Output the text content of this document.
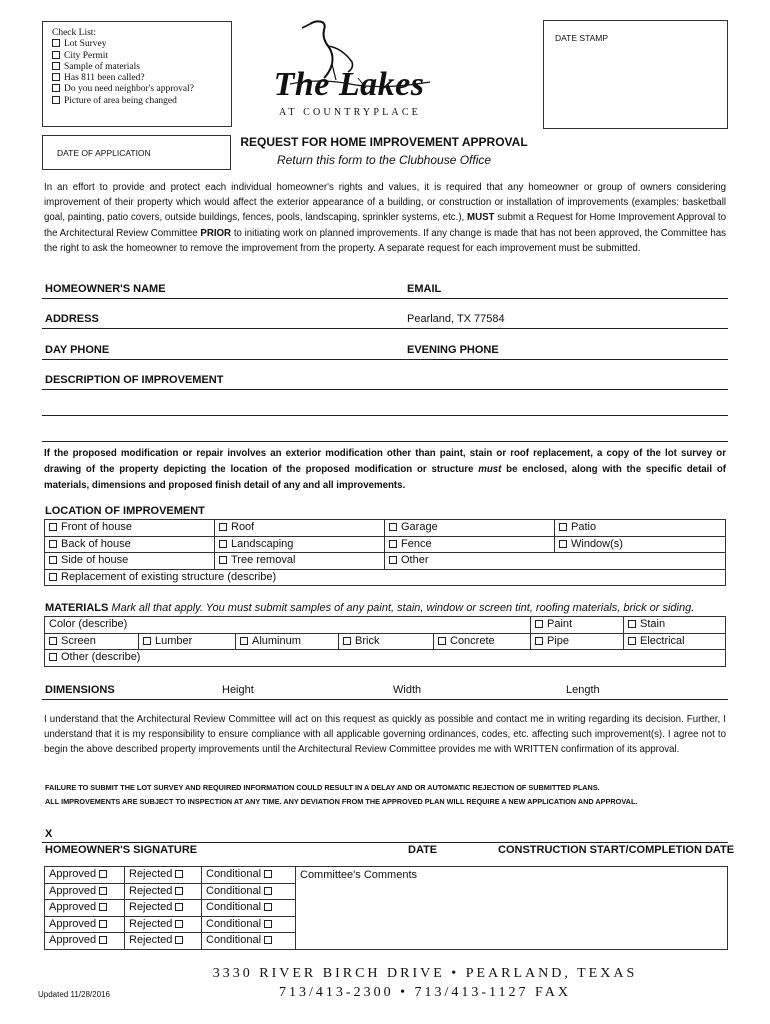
Check List:
Lot Survey
City Permit
Sample of materials
Has 811 been called?
Do you need neighbor's approval?
Picture of area being changed	The Lakes
AT COUNTRYPLACE
DATE STAMP
DATE OF APPLICATION
REQUEST FOR HOME IMPROVEMENT APPROVAL
Return this form to the Clubhouse Office
In an effort to provide and protect each individual homeowner's rights and values, it is required that any homeowner or group of owners considering improvement of their property which would affect the exterior appearance of a building, or construction or installation of improvements (examples: basketball goal, painting, patio covers, outside buildings, fences, pools, landscaping, sprinkler systems, etc.), MUST submit a Request for Home Improvement Approval to the Architectural Review Committee PRIOR to initiating work on planned improvements. If any change is made that has not been approved, the Committee has the right to ask the homeowner to remove the improvement from the property. A separate request for each improvement must be submitted.
HOMEOWNER'S NAME	EMAIL
ADDRESS	Pearland, TX 77584
DAY PHONE	EVENING PHONE
DESCRIPTION OF IMPROVEMENT
If the proposed modification or repair involves an exterior modification other than paint, stain or roof replacement, a copy of the lot survey or drawing of the property depicting the location of the proposed modification or structure must be enclosed, along with the specific detail of materials, dimensions and proposed finish detail of any and all improvements.
LOCATION OF IMPROVEMENT
Front of house	Roof	Garage	Patio
Back of house	Landscaping	Fence	Window(s)
Side of house	Tree removal	Other	
Replacement of existing structure (describe)			
MATERIALS Mark all that apply. You must submit samples of any paint, stain, window or screen tint, roofing materials, brick or siding.
Color (describe)					Paint	Stain
Screen	Lumber	Aluminum	Brick	Concrete	Pipe	Electrical
Other (describe)						
DIMENSIONS	Height	Width	Length
I understand that the Architectural Review Committee will act on this request as quickly as possible and contact me in writing regarding its decision. Further, I understand that it is my responsibility to ensure compliance with all applicable governing ordinances, codes, etc. affecting such improvement(s). I agree not to begin the above described property improvements until the Architectural Review Committee provides me with WRITTEN confirmation of its approval.
FAILURE TO SUBMIT THE LOT SURVEY AND REQUIRED INFORMATION COULD RESULT IN A DELAY AND OR AUTOMATIC REJECTION OF SUBMITTED PLANS.
ALL IMPROVEMENTS ARE SUBJECT TO INSPECTION AT ANY TIME. ANY DEVIATION FROM THE APPROVED PLAN WILL REQUIRE A NEW APPLICATION AND APPROVAL.
X
HOMEOWNER'S SIGNATURE	DATE	CONSTRUCTION START/COMPLETION DATE
Approved	Rejected	Conditional	Committee's Comments
Approved	Rejected	Conditional	
Approved	Rejected	Conditional	
Approved	Rejected	Conditional	
Approved	Rejected	Conditional	
3330 RIVER BIRCH DRIVE • PEARLAND, TEXAS
713/413-2300 • 713/413-1127 FAX
Updated 11/28/2016
